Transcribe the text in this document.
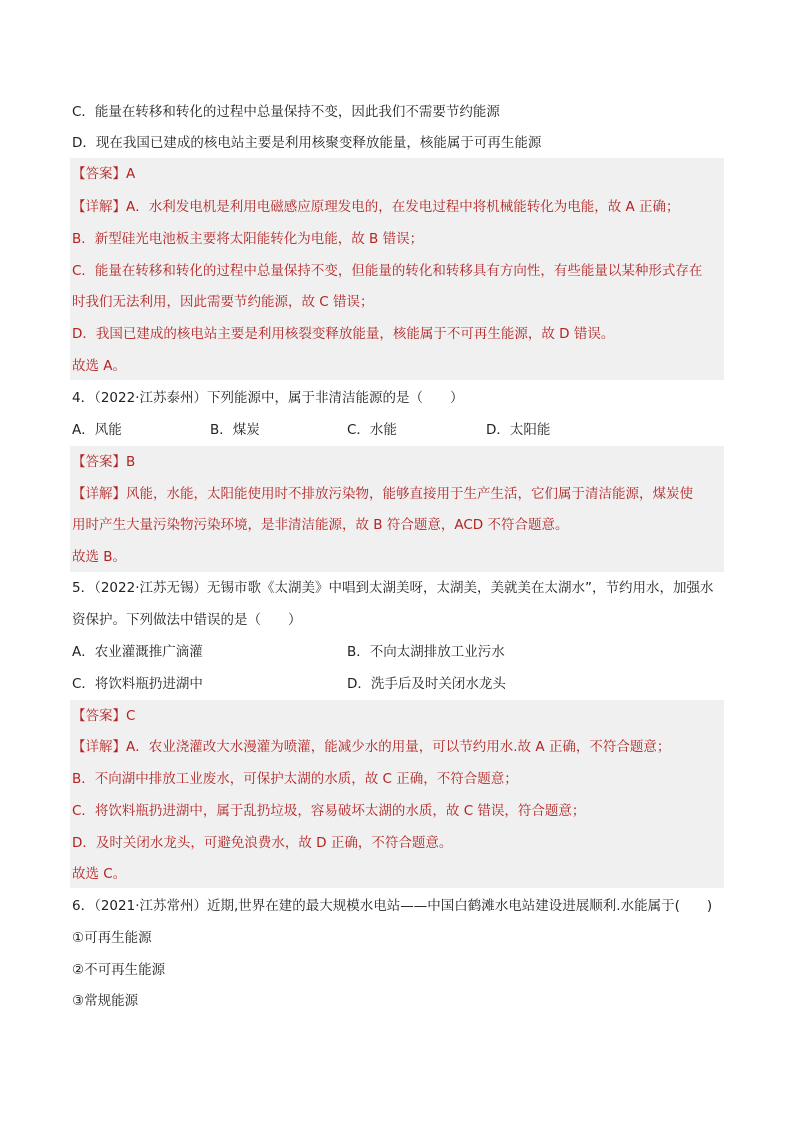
C．能量在转移和转化的过程中总量保持不变，因此我们不需要节约能源
D．现在我国已建成的核电站主要是利用核聚变释放能量，核能属于可再生能源
【答案】A
【详解】A．水利发电机是利用电磁感应原理发电的，在发电过程中将机械能转化为电能，故 A 正确；
B．新型硅光电池板主要将太阳能转化为电能，故 B 错误；
C．能量在转移和转化的过程中总量保持不变，但能量的转化和转移具有方向性，有些能量以某种形式存在
时我们无法利用，因此需要节约能源，故 C 错误；
D．我国已建成的核电站主要是利用核裂变释放能量，核能属于不可再生能源，故 D 错误。
故选 A。
4．（2022·江苏泰州）下列能源中，属于非清洁能源的是（　　）
A．风能	B．煤炭	C．水能	D．太阳能
【答案】B
【详解】风能，水能，太阳能使用时不排放污染物，能够直接用于生产生活，它们属于清洁能源，煤炭使
用时产生大量污染物污染环境，是非清洁能源，故 B 符合题意，ACD 不符合题意。
故选 B。
5．（2022·江苏无锡）无锡市歌《太湖美》中唱到太湖美呀，太湖美，美就美在太湖水”，节约用水，加强水
资保护。下列做法中错误的是（　　）
A．农业灌溉推广滴灌	B．不向太湖排放工业污水
C．将饮料瓶扔进湖中	D．洗手后及时关闭水龙头
【答案】C
【详解】A．农业浇灌改大水漫灌为喷灌，能减少水的用量，可以节约用水.故 A 正确，不符合题意；
B．不向湖中排放工业废水，可保护太湖的水质，故 C 正确，不符合题意；
C．将饮料瓶扔进湖中，属于乱扔垃圾，容易破坏太湖的水质，故 C 错误，符合题意；
D．及时关闭水龙头，可避免浪费水，故 D 正确，不符合题意。
故选 C。
6．（2021·江苏常州）近期,世界在建的最大规模水电站——中国白鹤滩水电站建设进展顺利.水能属于(　　)
①可再生能源
②不可再生能源
③常规能源
